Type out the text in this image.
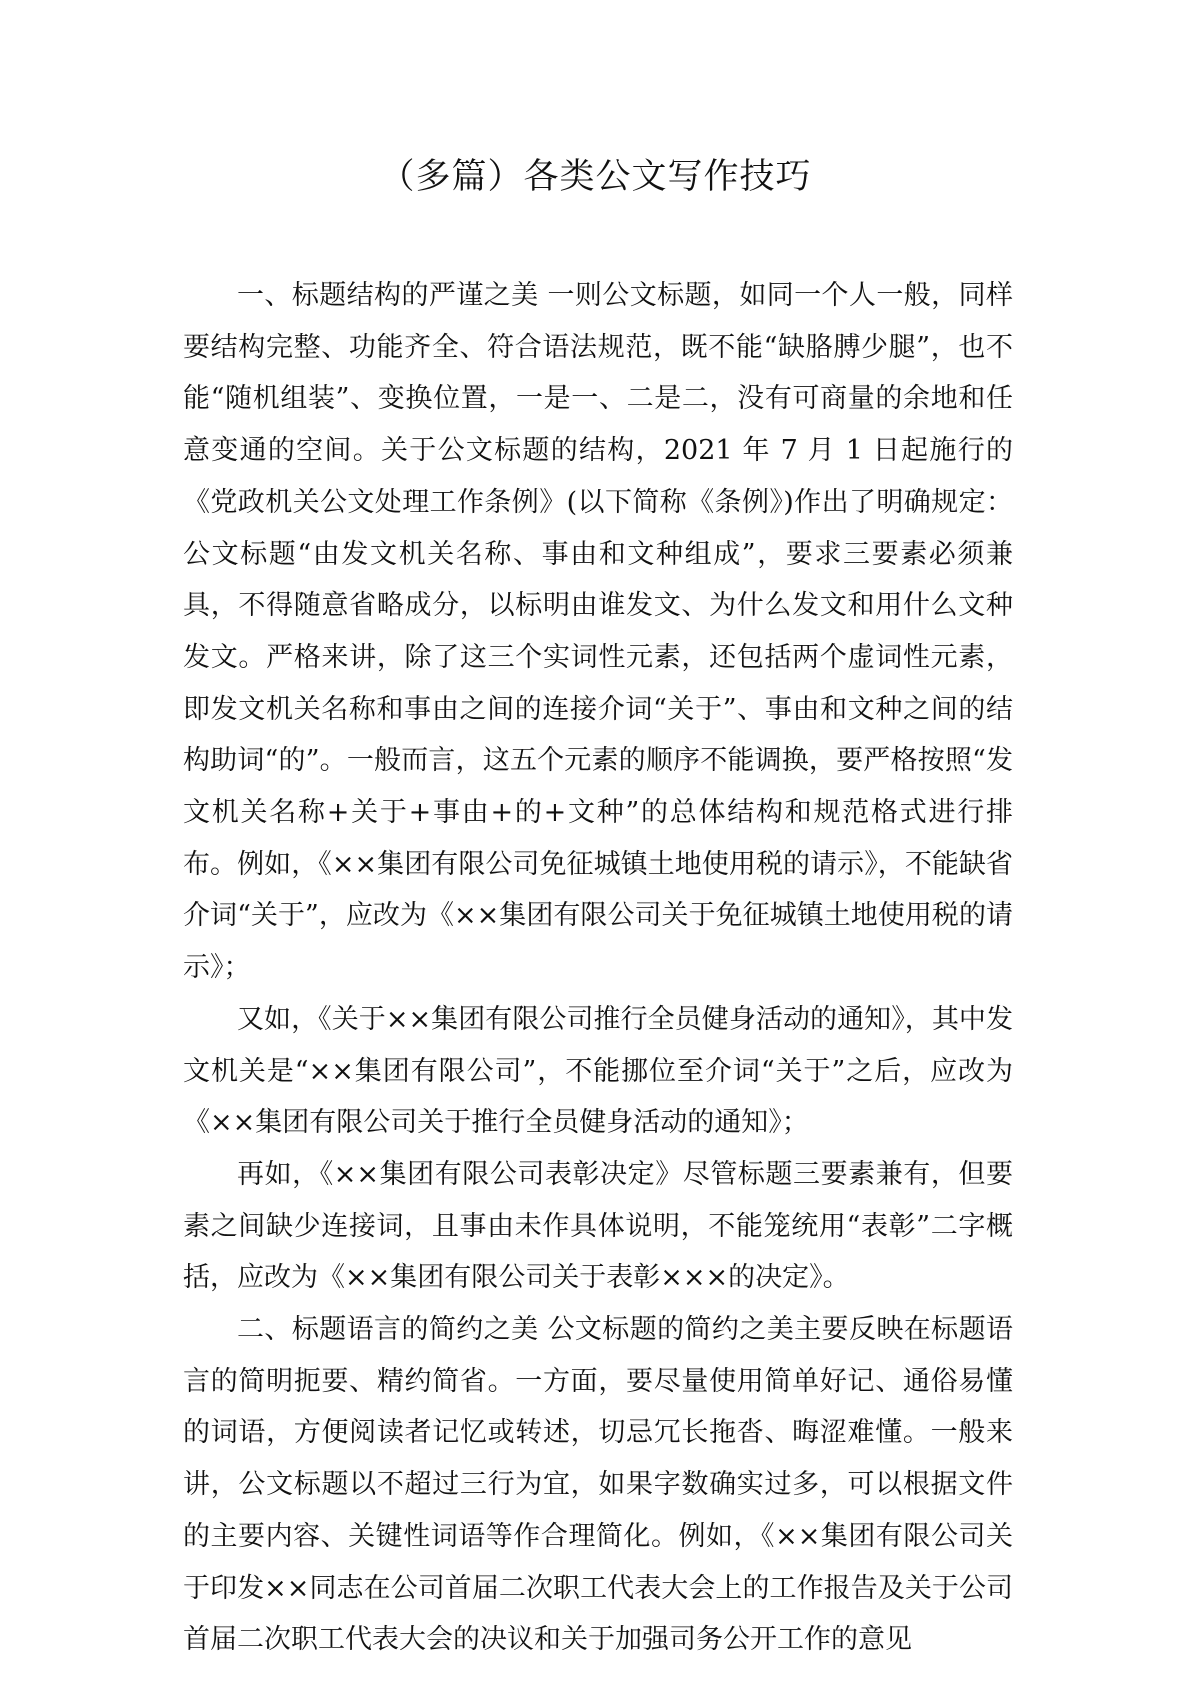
（多篇）各类公文写作技巧

一、标题结构的严谨之美 一则公文标题，如同一个人一般，同样要结构完整、功能齐全、符合语法规范，既不能“缺胳膊少腿”，也不能“随机组装”、变换位置，一是一、二是二，没有可商量的余地和任意变通的空间。关于公文标题的结构，2021 年 7 月 1 日起施行的《党政机关公文处理工作条例》(以下简称《条例》)作出了明确规定：公文标题“由发文机关名称、事由和文种组成”，要求三要素必须兼具，不得随意省略成分，以标明由谁发文、为什么发文和用什么文种发文。严格来讲，除了这三个实词性元素，还包括两个虚词性元素，即发文机关名称和事由之间的连接介词“关于”、事由和文种之间的结构助词“的”。一般而言，这五个元素的顺序不能调换，要严格按照“发文机关名称+关于+事由+的+文种”的总体结构和规范格式进行排布。例如，《××集团有限公司免征城镇土地使用税的请示》，不能缺省介词“关于”，应改为《××集团有限公司关于免征城镇土地使用税的请示》；

又如，《关于××集团有限公司推行全员健身活动的通知》，其中发文机关是“××集团有限公司”，不能挪位至介词“关于”之后，应改为《××集团有限公司关于推行全员健身活动的通知》；

再如，《××集团有限公司表彰决定》尽管标题三要素兼有，但要素之间缺少连接词，且事由未作具体说明，不能笼统用“表彰”二字概括，应改为《××集团有限公司关于表彰×××的决定》。

二、标题语言的简约之美 公文标题的简约之美主要反映在标题语言的简明扼要、精约简省。一方面，要尽量使用简单好记、通俗易懂的词语，方便阅读者记忆或转述，切忌冗长拖沓、晦涩难懂。一般来讲，公文标题以不超过三行为宜，如果字数确实过多，可以根据文件的主要内容、关键性词语等作合理简化。例如，《××集团有限公司关于印发××同志在公司首届二次职工代表大会上的工作报告及关于公司首届二次职工代表大会的决议和关于加强司务公开工作的意见
